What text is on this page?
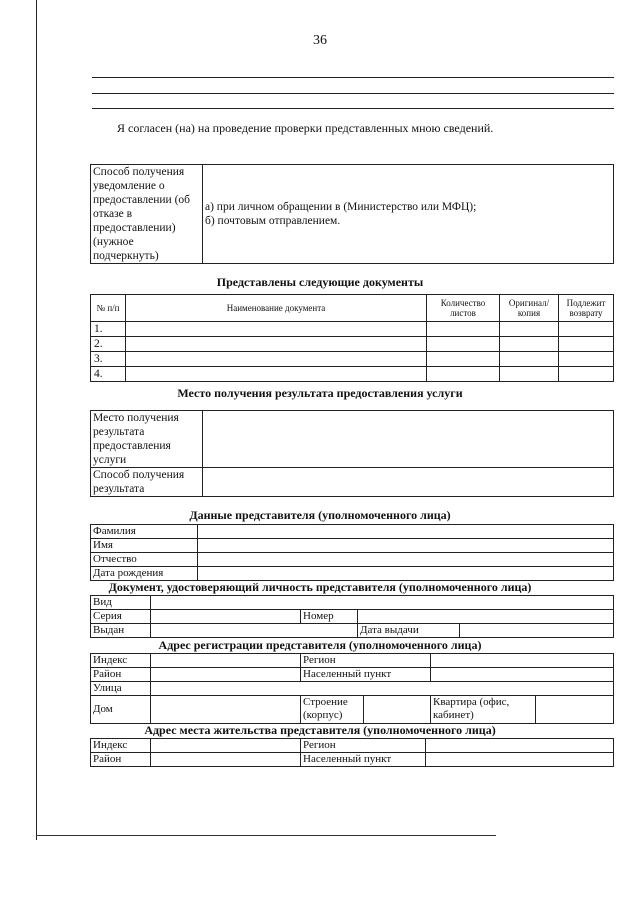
36
Я согласен (на) на проведение проверки представленных мною сведений.
Способ получения уведомление о предоставлении (об отказе в предоставлении) (нужное подчеркнуть)	
а) при личном обращении в (Министерство или МФЦ);
б) почтовым отправлением.
Представлены следующие документы
№ п/п	Наименование документа	Количество листов	Оригинал/копия	Подлежит возврату
1.				
2.				
3.				
4.				
Место получения результата предоставления услуги
Место получения результата предоставления услуги	
Способ получения результата	
Данные представителя (уполномоченного лица)
Фамилия	
Имя	
Отчество	
Дата рождения	
Документ, удостоверяющий личность представителя (уполномоченного лица)
Вид				
Серия		Номер		
Выдан			Дата выдачи	
Адрес регистрации представителя (уполномоченного лица)
Индекс		Регион			
Район		Населенный пункт			
Улица					
Дом		Строение (корпус)		Квартира (офис, кабинет)	
Адрес места жительства представителя (уполномоченного лица)
Индекс		Регион	
Район		Населенный пункт	
